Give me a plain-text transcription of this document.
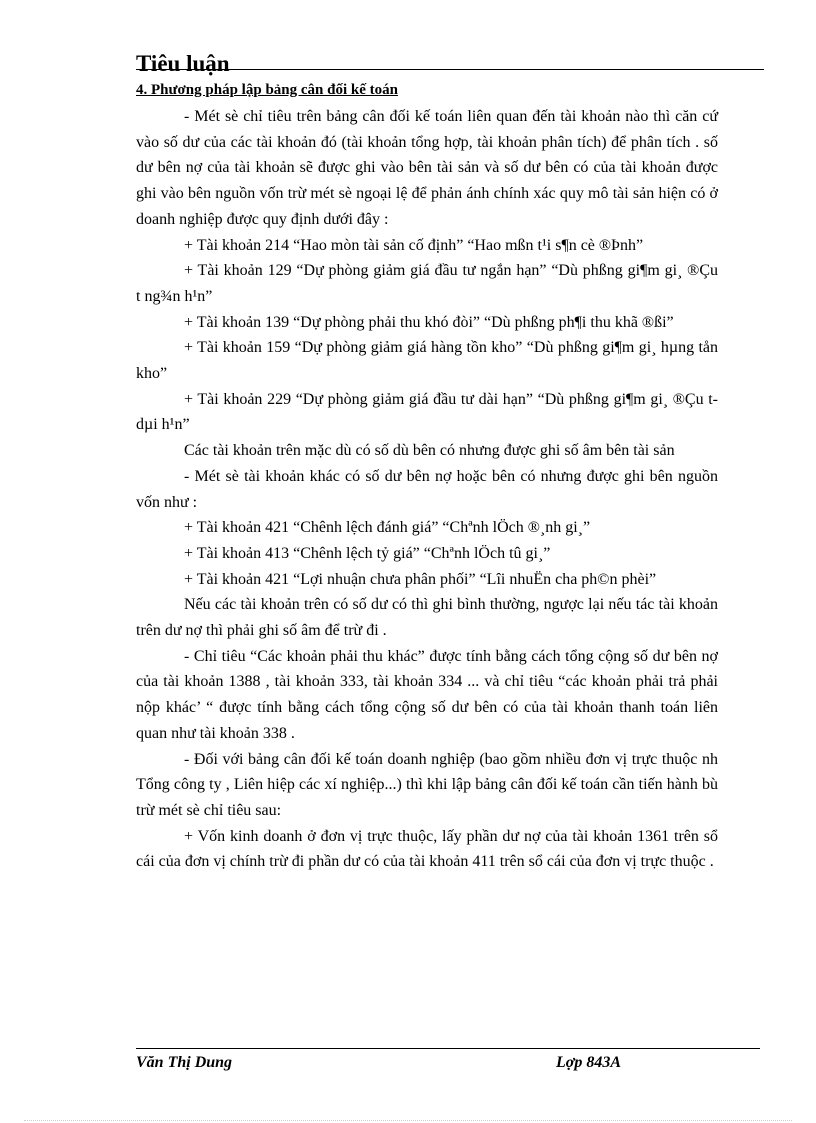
Tiêu luận
4. Phương pháp lập bảng cân đối kế toán

- Mét sè chỉ tiêu trên bảng cân đối kế toán liên quan đến tài khoản nào thì căn cứ vào số dư của các tài khoản đó (tài khoản tổng hợp, tài khoản phân tích) để phân tích . số dư bên nợ của tài khoản sẽ được ghi vào bên tài sản và số dư bên có của tài khoản được ghi vào bên nguồn vốn trừ mét sè ngoại lệ để phản ánh chính xác quy mô tài sản hiện có ở doanh nghiệp được quy định dưới đây :

+ Tài khoản 214 “Hao mòn tài sản cố định” “Hao mßn t¹i s¶n cè ®Þnh”

+ Tài khoản 129 “Dự phòng giảm giá đầu tư ngắn hạn” “Dù phßng gi¶m gi¸ ®Çu t ng¾n h¹n”

+ Tài khoản 139 “Dự phòng phải thu khó đòi” “Dù phßng ph¶i thu khã ®ßi”

+ Tài khoản 159 “Dự phòng giảm giá hàng tồn kho” “Dù phßng gi¶m gi¸ hµng tån kho”

+ Tài khoản 229 “Dự phòng giảm giá đầu tư dài hạn” “Dù phßng gi¶m gi¸ ®Çu t dµi h¹n”

Các tài khoản trên mặc dù có số dù bên có nhưng được ghi số âm bên tài sản

- Mét sè tài khoản khác có số dư bên nợ hoặc bên có nhưng được ghi bên nguồn vốn như :

+ Tài khoản 421 “Chênh lệch đánh giá” “Chªnh lÖch ®¸nh gi¸”

+ Tài khoản 413 “Chênh lệch tỷ giá” “Chªnh lÖch tû gi¸”

+ Tài khoản 421 “Lợi nhuận chưa phân phối” “Lîi nhuËn cha ph©n phèi”

Nếu các tài khoản trên có số dư có thì ghi bình thường, ngược lại nếu tác tài khoản trên dư nợ thì phải ghi số âm để trừ đi .

- Chỉ tiêu “Các khoản phải thu khác” được tính bằng cách tổng cộng số dư bên nợ của tài khoản 1388 , tài khoản 333, tài khoản 334 ... và chỉ tiêu “các khoản phải trả phải nộp khác’ “ được tính bằng cách tổng cộng số dư bên có của tài khoản thanh toán liên quan như tài khoản 338 .

- Đối với bảng cân đối kế toán doanh nghiệp (bao gồm nhiều đơn vị trực thuộc nh Tổng công ty , Liên hiệp các xí nghiệp...) thì khi lập bảng cân đối kế toán cần tiến hành bù trừ mét sè chỉ tiêu sau:

+ Vốn kinh doanh ở đơn vị trực thuộc, lấy phần dư nợ của tài khoản 1361 trên sổ cái của đơn vị chính trừ đi phần dư có của tài khoản 411 trên sổ cái của đơn vị trực thuộc .

Văn Thị Dung	Lợp 843A
